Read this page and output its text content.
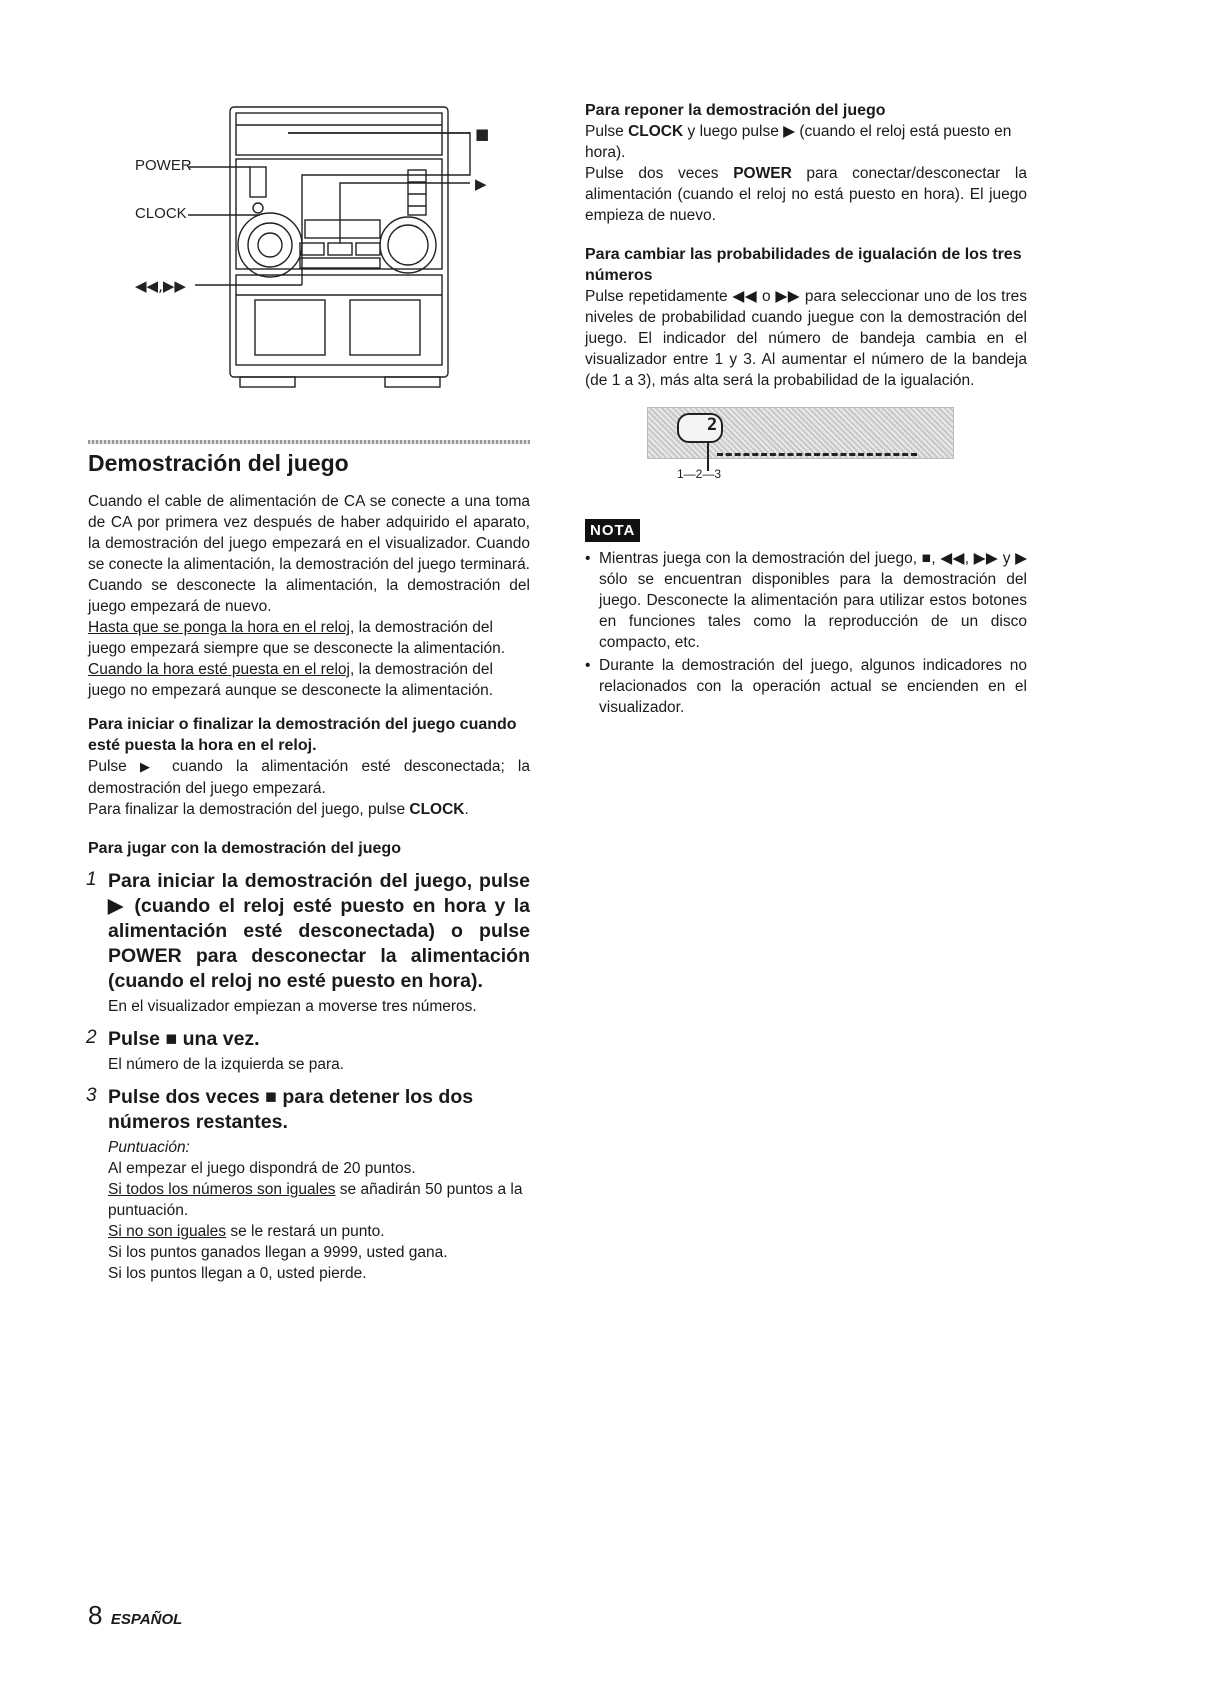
POWER
CLOCK
◀◀,▶▶
■
▶
Demostración del juego

Cuando el cable de alimentación de CA se conecte a una toma de CA por primera vez después de haber adquirido el aparato, la demostración del juego empezará en el visualizador. Cuando se conecte la alimentación, la demostración del juego terminará. Cuando se desconecte la alimentación, la demostración del juego empezará de nuevo.

Hasta que se ponga la hora en el reloj, la demostración del juego empezará siempre que se desconecte la alimentación.

Cuando la hora esté puesta en el reloj, la demostración del juego no empezará aunque se desconecte la alimentación.

Para iniciar o finalizar la demostración del juego cuando esté puesta la hora en el reloj.

Pulse ▶ cuando la alimentación esté desconectada; la demostración del juego empezará.

Para finalizar la demostración del juego, pulse CLOCK.

Para jugar con la demostración del juego

1 Para iniciar la demostración del juego, pulse ▶ (cuando el reloj esté puesto en hora y la alimentación esté desconectada) o pulse POWER para desconectar la alimentación (cuando el reloj no esté puesto en hora).

En el visualizador empiezan a moverse tres números.

2 Pulse ■ una vez.

El número de la izquierda se para.

3 Pulse dos veces ■ para detener los dos números restantes.

Puntuación:

Al empezar el juego dispondrá de 20 puntos.

Si todos los números son iguales se añadirán 50 puntos a la puntuación.

Si no son iguales se le restará un punto.

Si los puntos ganados llegan a 9999, usted gana.

Si los puntos llegan a 0, usted pierde.

Para reponer la demostración del juego

Pulse CLOCK y luego pulse ▶ (cuando el reloj está puesto en hora).

Pulse dos veces POWER para conectar/desconectar la alimentación (cuando el reloj no está puesto en hora). El juego empieza de nuevo.

Para cambiar las probabilidades de igualación de los tres números

Pulse repetidamente ◀◀ o ▶▶ para seleccionar uno de los tres niveles de probabilidad cuando juegue con la demostración del juego. El indicador del número de bandeja cambia en el visualizador entre 1 y 3. Al aumentar el número de la bandeja (de 1 a 3), más alta será la probabilidad de la igualación.

2
1—2—3
NOTA

• Mientras juega con la demostración del juego, ■, ◀◀, ▶▶ y ▶ sólo se encuentran disponibles para la demostración del juego. Desconecte la alimentación para utilizar estos botones en funciones tales como la reproducción de un disco compacto, etc.

• Durante la demostración del juego, algunos indicadores no relacionados con la operación actual se encienden en el visualizador.

8 ESPAÑOL
